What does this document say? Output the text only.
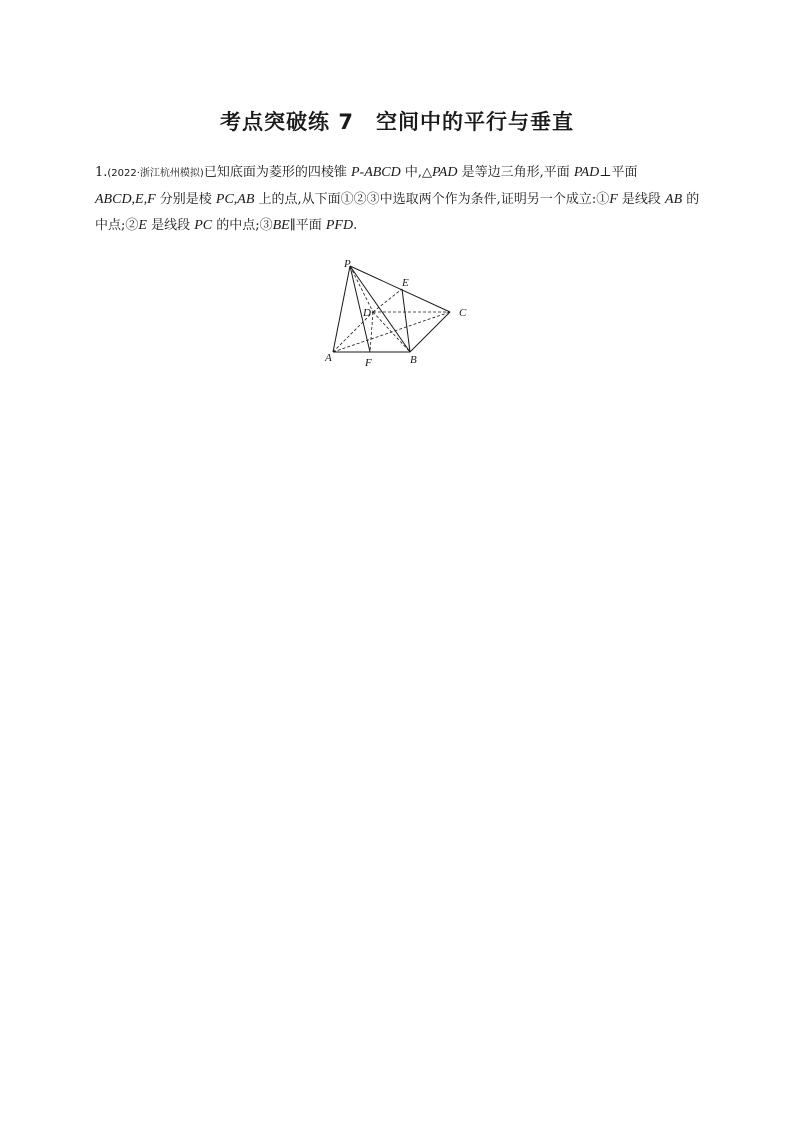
考点突破练 7　空间中的平行与垂直
1.(2022·浙江杭州模拟)已知底面为菱形的四棱锥 P-ABCD 中,△PAD 是等边三角形,平面 PAD⊥平面 ABCD,E,F 分别是棱 PC,AB 上的点,从下面①②③中选取两个作为条件,证明另一个成立:①F 是线段 AB 的中点;②E 是线段 PC 的中点;③BE∥平面 PFD.
P
E
D	C
A	F	B
